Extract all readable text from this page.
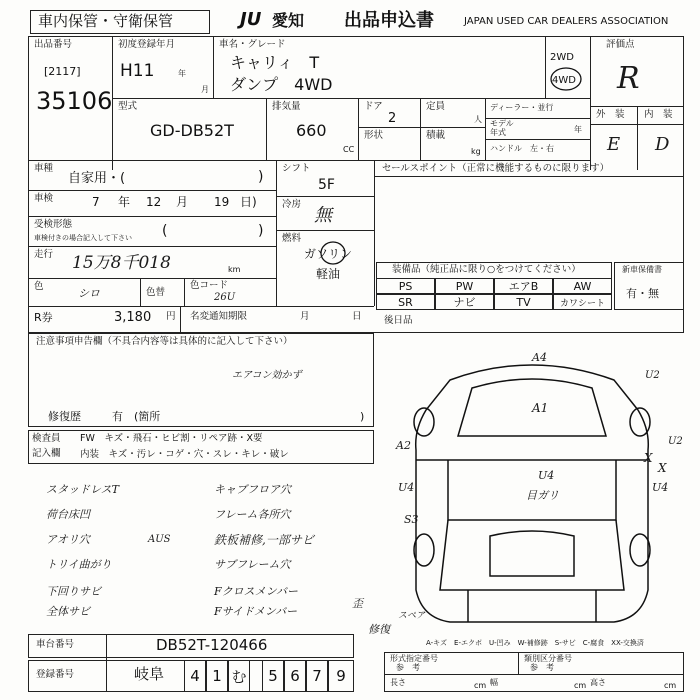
車内保管・守衛保管	JU 愛知 出品申込書	JAPAN USED CAR DEALERS ASSOCIATION
出品番号
[2117]
35106
初度登録年月
H11	年
月
車名・グレード
キャリィ　T
ダンプ　4WD
2WD
4WD
評価点
R
外　装 内　装
E D
型式
GD-DB52T
排気量
660
CC
ドア
2
定員
人
形状	積載
kg
ディーラー・並行
モデル
年式	年
ハンドル　左・右
車種
自家用・(	)
車検	7 年 12 月 19 日)
受検形態
車検付きの場合記入して下さい (	)
走行 15万8千018	km
色
シロ	色替
色コード
26U
シフト
5F
冷房
無
燃料
ガソリン
軽油
セールスポイント（正常に機能するものに限ります）
装備品（純正品に限り○をつけてください）
PS	PW	エアB	AW
SR	ナビ	TV	カワシート
新車保備書
有・無
R券	3,180 円 名変通知期限	月	日 後日品
注意事項申告欄（不具合内容等は具体的に記入して下さい）
エアコン効かず
修復歴	有　(箇所	)
検査員
記入欄
FW　キズ・飛石・ヒビ割・リペア跡・X要
内装　キズ・汚レ・コゲ・穴・スレ・キレ・破レ
スタッドレスT
荷台床凹
アオリ穴
トリイ曲がり
下回りサビ
全体サビ
キャブフロア穴
フレーム各所穴
鉄板補修,一部サビ
サブフレーム穴
Fクロスメンバー
Fサイドメンバー
AUS
歪
修復
スペア
A4
A1
A2
U2
U2
U4	U4
U4
目ガリ
S3
X
X
A-キズ　E-エクボ　U-凹み　W-補修跡　S-サビ　C-腐食　XX-交換済
車台番号	DB52T-120466
登録番号	岐阜	4 1 む	5 6 7 9
形式指定番号
参　考
類別区分番号
参　考
長さ	cm 幅	cm 高さ	cm
